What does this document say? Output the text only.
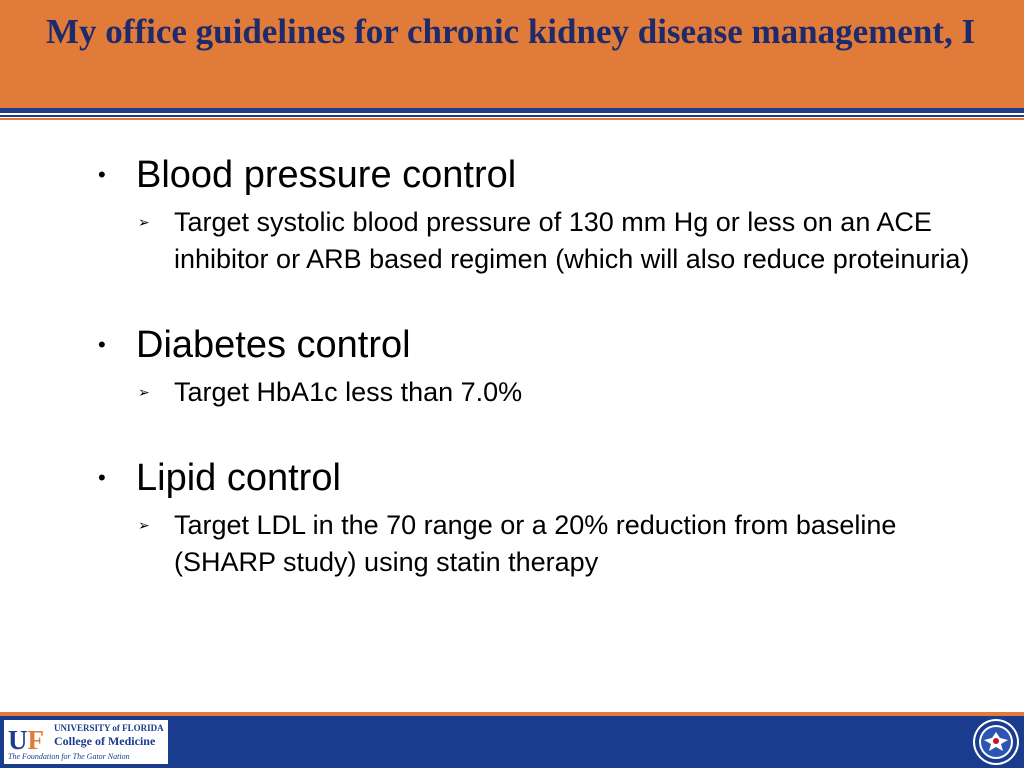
My office guidelines for chronic kidney disease management, I
• Blood pressure control
➢ Target systolic blood pressure of 130 mm Hg or less on an ACE inhibitor or ARB based regimen (which will also reduce proteinuria)
• Diabetes control
➢ Target HbA1c less than 7.0%
• Lipid control
➢ Target LDL in the 70 range or a 20% reduction from baseline (SHARP study) using statin therapy
UF UNIVERSITY of FLORIDA
College of Medicine
The Foundation for The Gator Nation
